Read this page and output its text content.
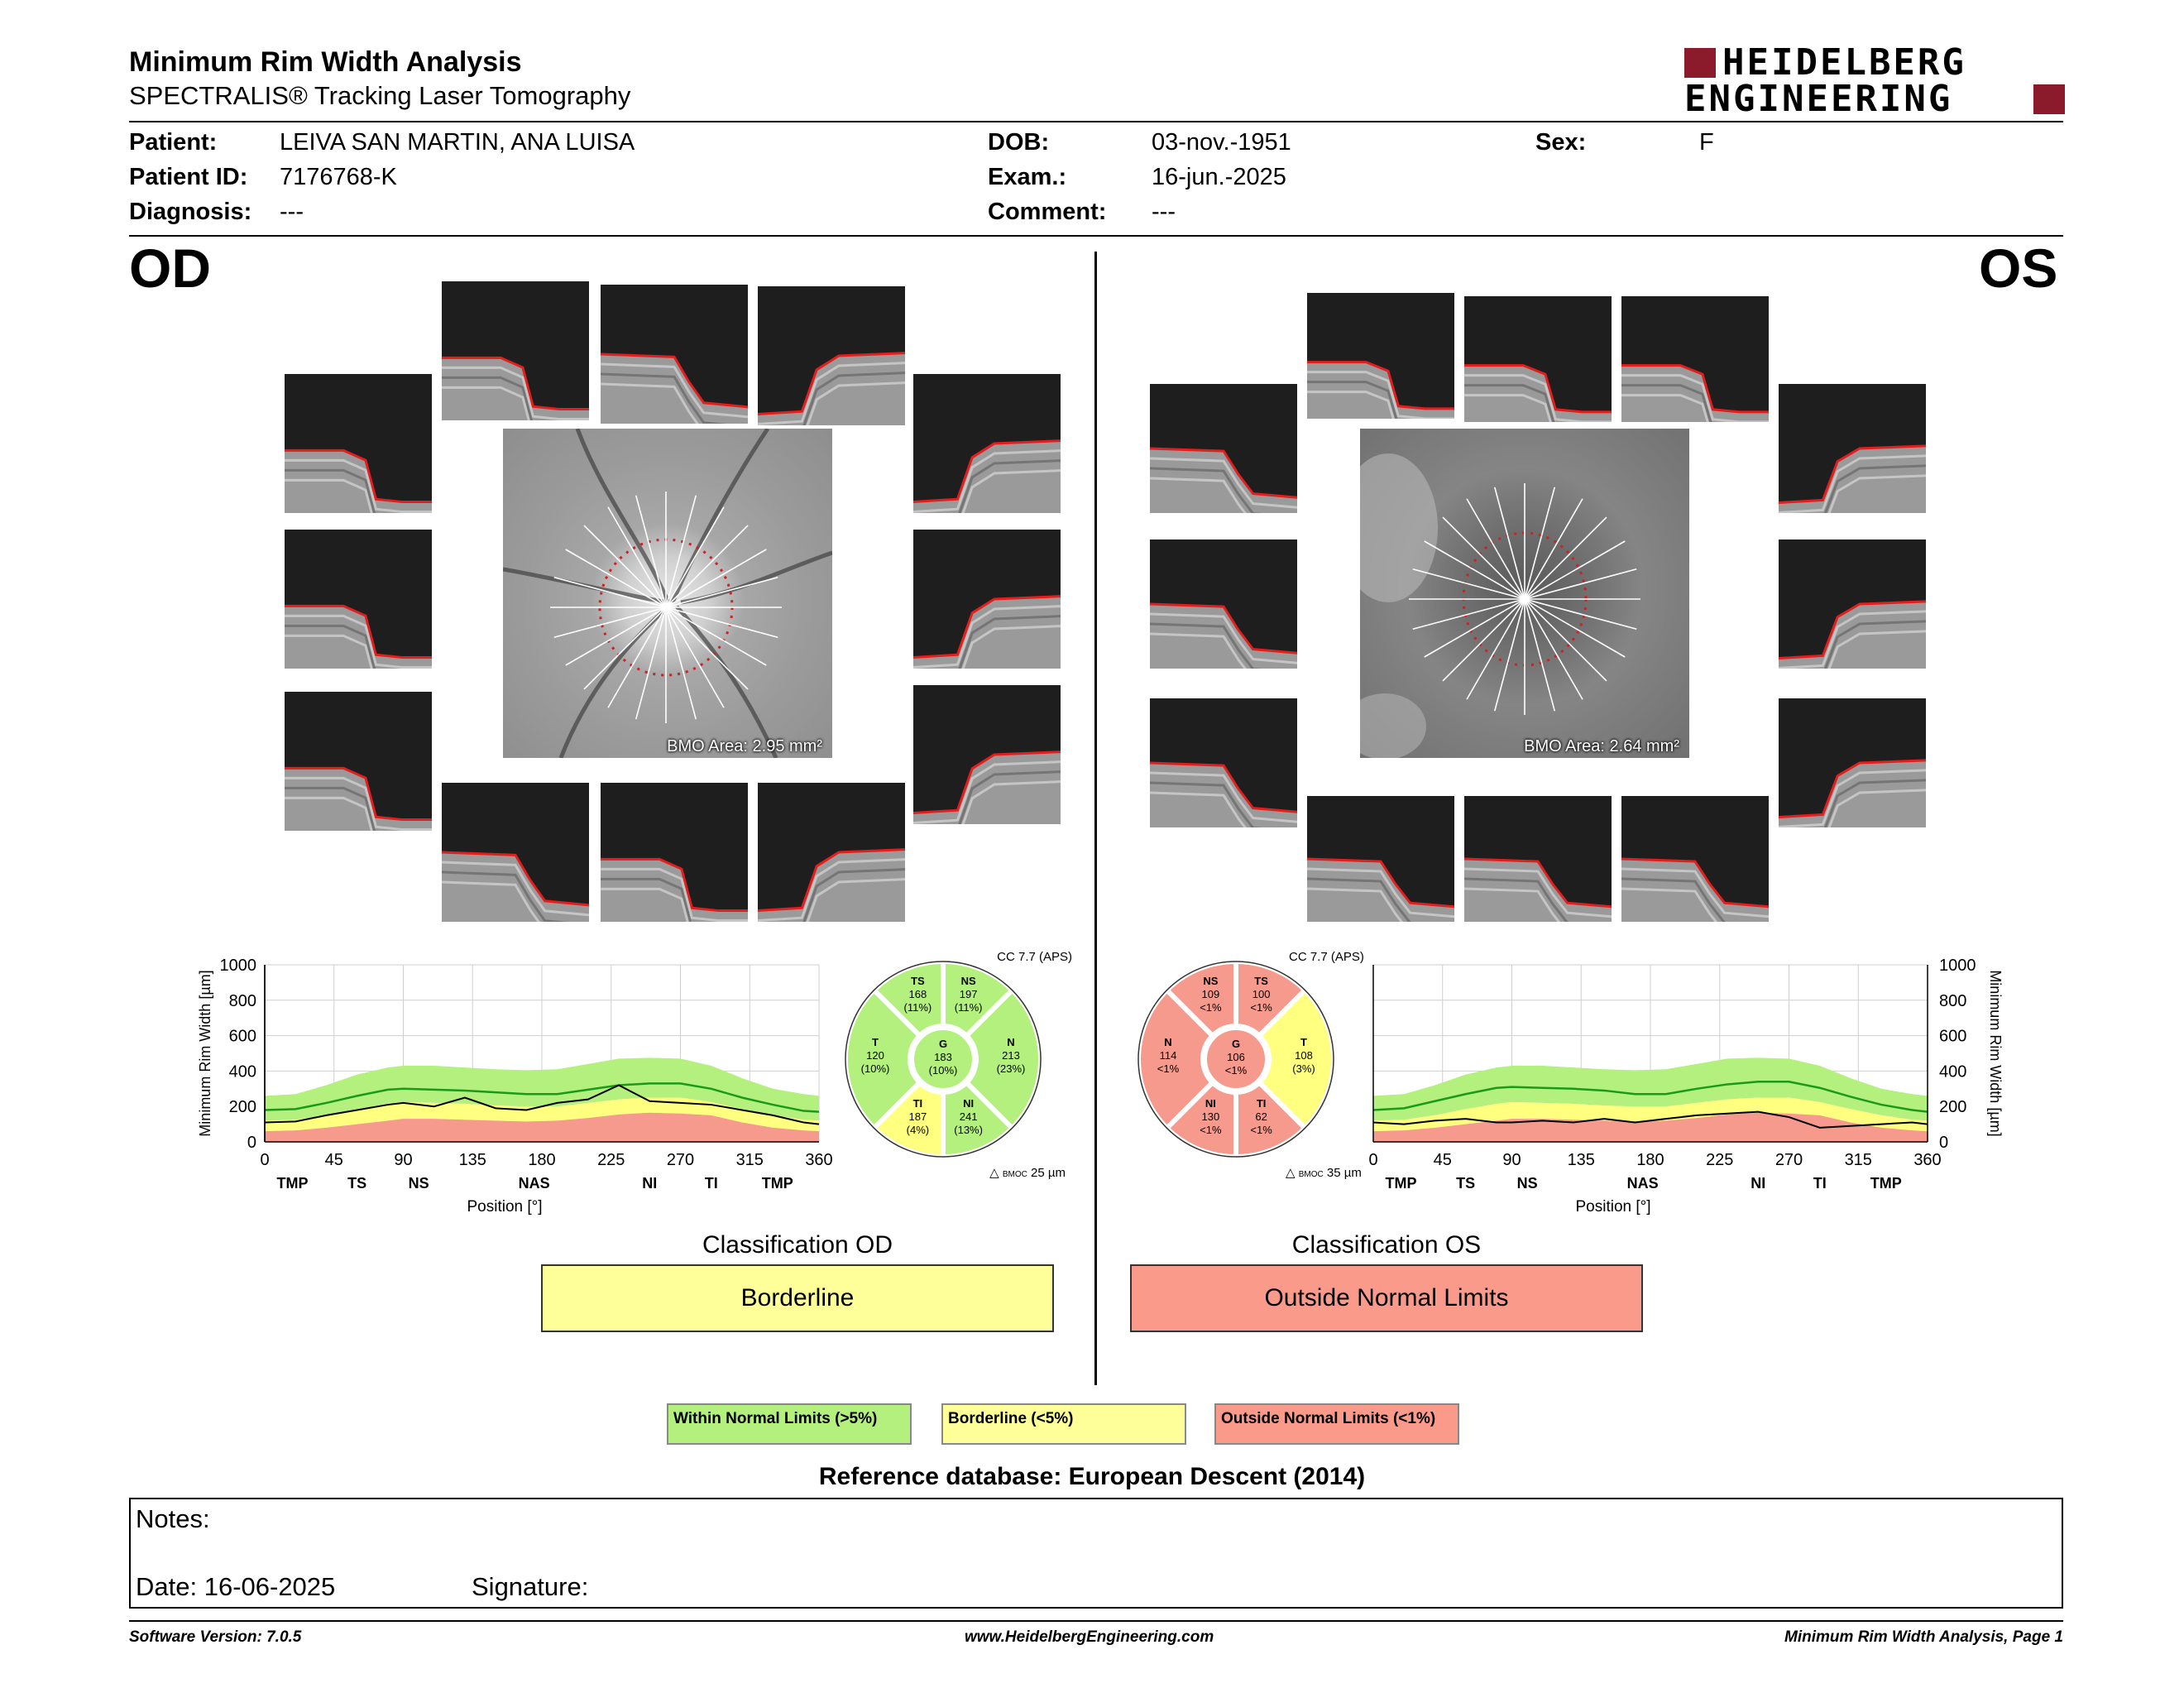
Minimum Rim Width Analysis
SPECTRALIS® Tracking Laser Tomography
HEIDELBERG
ENGINEERING
Patient:	LEIVA SAN MARTIN, ANA LUISA
Patient ID: 7176768-K
Diagnosis: ---
DOB:	03-nov.-1951
Exam.:	16-jun.-2025
Comment: ---
Sex:	F
OD	OS
BMO Area: 2.95 mm²	BMO Area: 2.64 mm²
0
200
400
600
800
1000
0	45	90	135	180	225	270	315	360
TMP	TS	NS	NAS	NI	TI	TMP
Position [°]
Minimum Rim Width [µm]
0
200
400
600
800
1000
0	45	90	135	180	225	270	315	360
TMP	TS	NS	NAS	NI	TI	TMP
Position [°]
Minimum Rim Width [µm]
CC 7.7 (APS)
N
213
(23%)
NS
197
(11%)
TS
168
(11%)
T
120
(10%)
TI
187
(4%)
NI
241
(13%)
G
183
(10%)
△ BMOC 25 µm
CC 7.7 (APS)
N
114
<1%
NS
109
<1%
TS
100
<1%
T
108
(3%)
TI
62
<1%
NI
130
<1%
G
106
<1%
△ BMOC 35 µm
Classification OD
Borderline
Classification OS
Outside Normal Limits
Within Normal Limits (>5%)	Borderline (<5%)	Outside Normal Limits (<1%)
Reference database: European Descent (2014)
Notes:
Date: 16-06-2025	Signature:
Software Version: 7.0.5	www.HeidelbergEngineering.com	Minimum Rim Width Analysis, Page 1
